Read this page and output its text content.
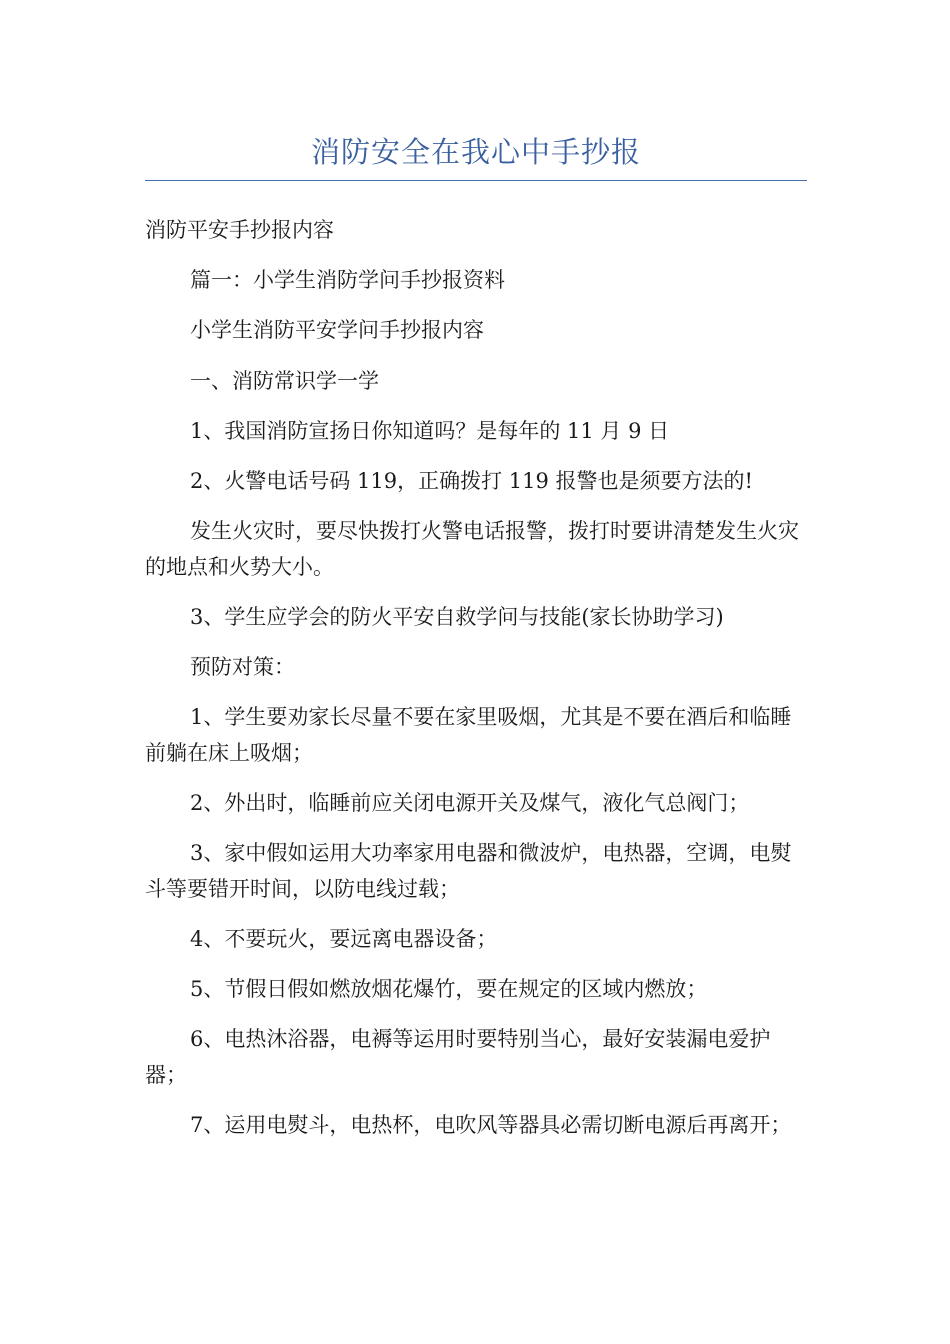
消防安全在我心中手抄报

消防平安手抄报内容

篇一：小学生消防学问手抄报资料

小学生消防平安学问手抄报内容

一、消防常识学一学

1、我国消防宣扬日你知道吗？是每年的 11 月 9 日

2、火警电话号码 119，正确拨打 119 报警也是须要方法的!

发生火灾时，要尽快拨打火警电话报警，拨打时要讲清楚发生火灾的地点和火势大小。

3、学生应学会的防火平安自救学问与技能(家长协助学习)

预防对策：

1、学生要劝家长尽量不要在家里吸烟，尤其是不要在酒后和临睡前躺在床上吸烟；

2、外出时，临睡前应关闭电源开关及煤气，液化气总阀门；

3、家中假如运用大功率家用电器和微波炉，电热器，空调，电熨斗等要错开时间，以防电线过载；

4、不要玩火，要远离电器设备；

5、节假日假如燃放烟花爆竹，要在规定的区域内燃放；

6、电热沐浴器，电褥等运用时要特别当心，最好安装漏电爱护器；

7、运用电熨斗，电热杯，电吹风等器具必需切断电源后再离开；
